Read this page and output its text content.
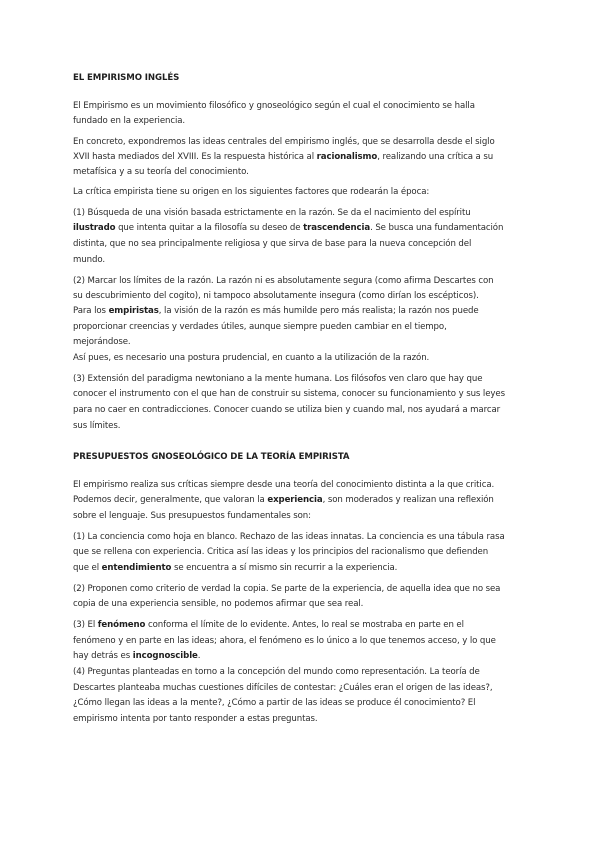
EL EMPIRISMO INGLÉS
El Empirismo es un movimiento filosófico y gnoseológico según el cual el conocimiento se halla
fundado en la experiencia.
En concreto, expondremos las ideas centrales del empirismo inglés, que se desarrolla desde el siglo
XVII hasta mediados del XVIII. Es la respuesta histórica al racionalismo, realizando una crítica a su
metafísica y a su teoría del conocimiento.
La crítica empirista tiene su origen en los siguientes factores que rodearán la época:
(1) Búsqueda de una visión basada estrictamente en la razón. Se da el nacimiento del espíritu
ilustrado que intenta quitar a la filosofía su deseo de trascendencia. Se busca una fundamentación
distinta, que no sea principalmente religiosa y que sirva de base para la nueva concepción del
mundo.
(2) Marcar los límites de la razón. La razón ni es absolutamente segura (como afirma Descartes con
su descubrimiento del cogito), ni tampoco absolutamente insegura (como dirían los escépticos).
Para los empiristas, la visión de la razón es más humilde pero más realista; la razón nos puede
proporcionar creencias y verdades útiles, aunque siempre pueden cambiar en el tiempo,
mejorándose.
Así pues, es necesario una postura prudencial, en cuanto a la utilización de la razón.
(3) Extensión del paradigma newtoniano a la mente humana. Los filósofos ven claro que hay que
conocer el instrumento con el que han de construir su sistema, conocer su funcionamiento y sus leyes
para no caer en contradicciones. Conocer cuando se utiliza bien y cuando mal, nos ayudará a marcar
sus límites.
PRESUPUESTOS GNOSEOLÓGICO DE LA TEORÍA EMPIRISTA
El empirismo realiza sus críticas siempre desde una teoría del conocimiento distinta a la que critica.
Podemos decir, generalmente, que valoran la experiencia, son moderados y realizan una reflexión
sobre el lenguaje. Sus presupuestos fundamentales son:
(1) La conciencia como hoja en blanco. Rechazo de las ideas innatas. La conciencia es una tábula rasa
que se rellena con experiencia. Critica así las ideas y los principios del racionalismo que defienden
que el entendimiento se encuentra a sí mismo sin recurrir a la experiencia.
(2) Proponen como criterio de verdad la copia. Se parte de la experiencia, de aquella idea que no sea
copia de una experiencia sensible, no podemos afirmar que sea real.
(3) El fenómeno conforma el límite de lo evidente. Antes, lo real se mostraba en parte en el
fenómeno y en parte en las ideas; ahora, el fenómeno es lo único a lo que tenemos acceso, y lo que
hay detrás es incognoscible.
(4) Preguntas planteadas en torno a la concepción del mundo como representación. La teoría de
Descartes planteaba muchas cuestiones difíciles de contestar: ¿Cuáles eran el origen de las ideas?,
¿Cómo llegan las ideas a la mente?, ¿Cómo a partir de las ideas se produce él conocimiento? El
empirismo intenta por tanto responder a estas preguntas.
